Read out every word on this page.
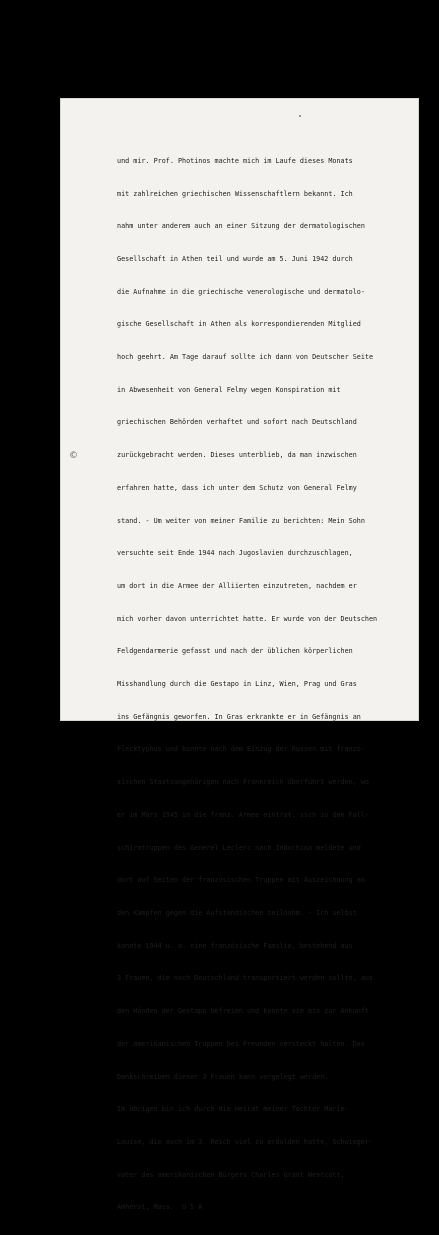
©

und mir. Prof. Photinos machte mich im Laufe dieses Monats

mit zahlreichen griechischen Wissenschaftlern bekannt. Ich

nahm unter anderem auch an einer Sitzung der dermatologischen

Gesellschaft in Athen teil und wurde am 5. Juni 1942 durch

die Aufnahme in die griechische venerologische und dermatolo-

gische Gesellschaft in Athen als korrespondierenden Mitglied

hoch geehrt. Am Tage darauf sollte ich dann von Deutscher Seite

in Abwesenheit von General Felmy wegen Konspiration mit

griechischen Behörden verhaftet und sofort nach Deutschland

zurückgebracht werden. Dieses unterblieb, da man inzwischen

erfahren hatte, dass ich unter dem Schutz von General Felmy

stand. - Um weiter von meiner Familie zu berichten: Mein Sohn

versuchte seit Ende 1944 nach Jugoslavien durchzuschlagen,

um dort in die Armee der Alliierten einzutreten, nachdem er

mich vorher davon unterrichtet hatte. Er wurde von der Deutschen

Feldgendarmerie gefasst und nach der üblichen körperlichen

Misshandlung durch die Gestapo in Linz, Wien, Prag und Gras

ins Gefängnis geworfen. In Gras erkrankte er in Gefängnis an

Flecktyphus und konnte nach dem Einzug der Russen mit franzö-

sischen Staatsangehörigen nach Frankreich überführt werden, wo

er im März 1945 in die franz. Armee eintrat, sich zu den Fall-

schirmtruppen des Generel Leclerc nach Indochina meldete und

dort auf Seiten der französischen Truppen mit Auszeichnung an

den Kämpfen gegen die Aufständischen teilnahm. - Ich selbst

konnte 1944 u. a. eine französische Familie, bestehend aus

3 Frauen, die nach Deutschland transportiert werden sollte, aus

den Händen der Gestapo befreien und konnte sie bis zur Ankunft

der amerikanischen Truppen bei Freunden versteckt halten. Das

Dankschreiben dieser 3 Frauen kann vorgelegt werden.

Im übrigen bin ich durch die Heirat meiner Tochter Marie-

Louise, die auch im 3. Reich viel zu erdulden hatte, Schwieger-

vater des amerikanischen Bürgers Charles Grant Westcott,

Amherst, Mass.  U S A
